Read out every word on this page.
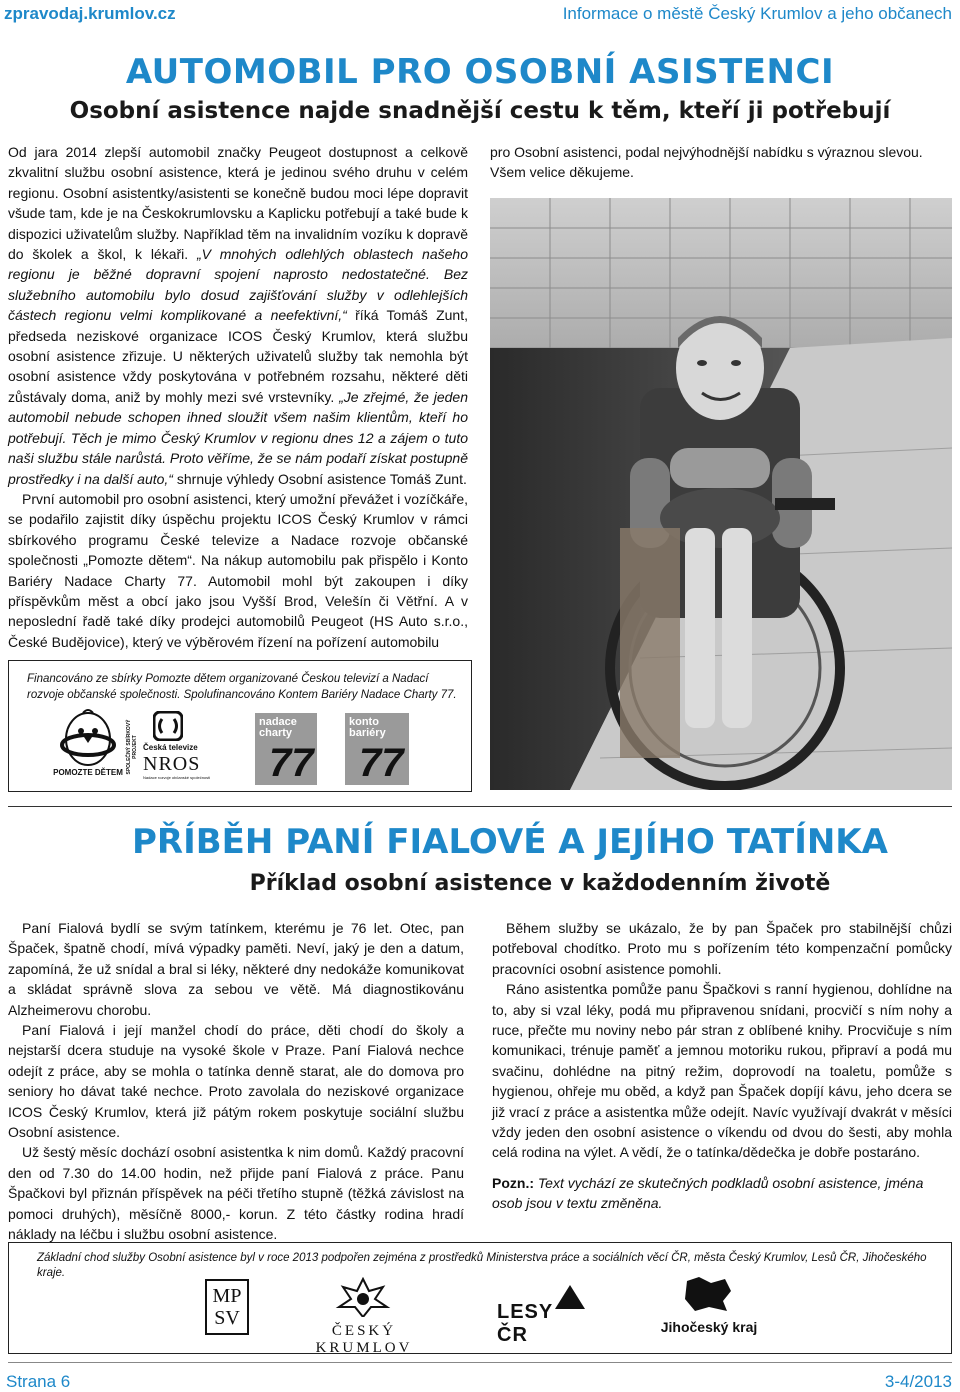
zpravodaj.krumlov.cz	Informace o městě Český Krumlov a jeho občanech
AUTOMOBIL PRO OSOBNÍ ASISTENCI
Osobní asistence najde snadnější cestu k těm, kteří ji potřebují

Od jara 2014 zlepší automobil značky Peugeot dostupnost a celkově zkvalitní službu osobní asistence, která je jedinou svého druhu v celém regionu. Osobní asistentky/asistenti se konečně budou moci lépe dopravit všude tam, kde je na Českokrumlovsku a Kaplicku potřebují a také bude k dispozici uživatelům služby. Například těm na invalidním vozíku k dopravě do školek a škol, k lékaři. „V mnohých odlehlých oblastech našeho regionu je běžné dopravní spojení naprosto nedostatečné. Bez služebního automobilu bylo dosud zajišťování služby v odlehlejších částech regionu velmi komplikované a neefektivní,“ říká Tomáš Zunt, předseda neziskové organizace ICOS Český Krumlov, která službu osobní asistence zřizuje. U některých uživatelů služby tak nemohla být osobní asistence vždy poskytována v potřebném rozsahu, některé děti zůstávaly doma, aniž by mohly mezi své vrstevníky. „Je zřejmé, že jeden automobil nebude schopen ihned sloužit všem našim klientům, kteří ho potřebují. Těch je mimo Český Krumlov v regionu dnes 12 a zájem o tuto naši službu stále narůstá. Proto věříme, že se nám podaří získat postupně prostředky i na další auto,“ shrnuje výhledy Osobní asistence Tomáš Zunt.

První automobil pro osobní asistenci, který umožní převážet i vozíčkáře, se podařilo zajistit díky úspěchu projektu ICOS Český Krumlov v rámci sbírkového programu České televize a Nadace rozvoje občanské společnosti „Pomozte dětem“. Na nákup automobilu pak přispělo i Konto Bariéry Nadace Charty 77. Automobil mohl být zakoupen i díky příspěvkům měst a obcí jako jsou Vyšší Brod, Velešín či Větřní. A v neposlední řadě také díky prodejci automobilů Peugeot (HS Auto s.r.o., České Budějovice), který ve výběrovém řízení na pořízení automobilu

pro Osobní asistenci, podal nejvýhodnější nabídku s výraznou slevou. Všem velice děkujeme.

Financováno ze sbírky Pomozte dětem organizované Českou televizí a Nadací rozvoje občanské společnosti. Spolufinancováno Kontem Bariéry Nadace Charty 77.
POMOZTE DĚTEM SPOLEČNÝ SBÍRKOVÝ PROJEKT Česká televize
NROS
Nadace rozvoje občanské společnosti
nadace charty
77
konto bariéry
77
PŘÍBĚH PANÍ FIALOVÉ A JEJÍHO TATÍNKA
Příklad osobní asistence v každodenním životě

Paní Fialová bydlí se svým tatínkem, kterému je 76 let. Otec, pan Špaček, špatně chodí, mívá výpadky paměti. Neví, jaký je den a datum, zapomíná, že už snídal a bral si léky, některé dny nedokáže komunikovat a skládat správně slova za sebou ve větě. Má diagnostikovánu Alzheimerovu chorobu.

Paní Fialová i její manžel chodí do práce, děti chodí do školy a nejstarší dcera studuje na vysoké škole v Praze. Paní Fialová nechce odejít z práce, aby se mohla o tatínka denně starat, ale do domova pro seniory ho dávat také nechce. Proto zavolala do neziskové organizace ICOS Český Krumlov, která již pátým rokem poskytuje sociální službu Osobní asistence.

Už šestý měsíc dochází osobní asistentka k nim domů. Každý pracovní den od 7.30 do 14.00 hodin, než přijde paní Fialová z práce. Panu Špačkovi byl přiznán příspěvek na péči třetího stupně (těžká závislost na pomoci druhých), měsíčně 8000,- korun. Z této částky rodina hradí náklady na léčbu i službu osobní asistence.

Během služby se ukázalo, že by pan Špaček pro stabilnější chůzi potřeboval chodítko. Proto mu s pořízením této kompenzační pomůcky pracovníci osobní asistence pomohli.

Ráno asistentka pomůže panu Špačkovi s ranní hygienou, dohlídne na to, aby si vzal léky, podá mu připravenou snídani, procvičí s ním nohy a ruce, přečte mu noviny nebo pár stran z oblíbené knihy. Procvičuje s ním komunikaci, trénuje paměť a jemnou motoriku rukou, připraví a podá mu svačinu, dohlédne na pitný režim, doprovodí na toaletu, pomůže s hygienou, ohřeje mu oběd, a když pan Špaček dopíjí kávu, jeho dcera se již vrací z práce a asistentka může odejít. Navíc využívají dvakrát v měsíci vždy jeden den osobní asistence o víkendu od dvou do šesti, aby mohla celá rodina na výlet. A vědí, že o tatínka/dědečka je dobře postaráno.

Pozn.: Text vychází ze skutečných podkladů osobní asistence, jména osob jsou v textu změněna.

Základní chod služby Osobní asistence byl v roce 2013 podpořen zejména z prostředků Ministerstva práce a sociálních věcí ČR, města Český Krumlov, Lesů ČR, Jihočeského kraje.
MPSV
ČESKÝ KRUMLOV
LESY ČR	Jihočeský kraj
Strana 6	3-4/2013
